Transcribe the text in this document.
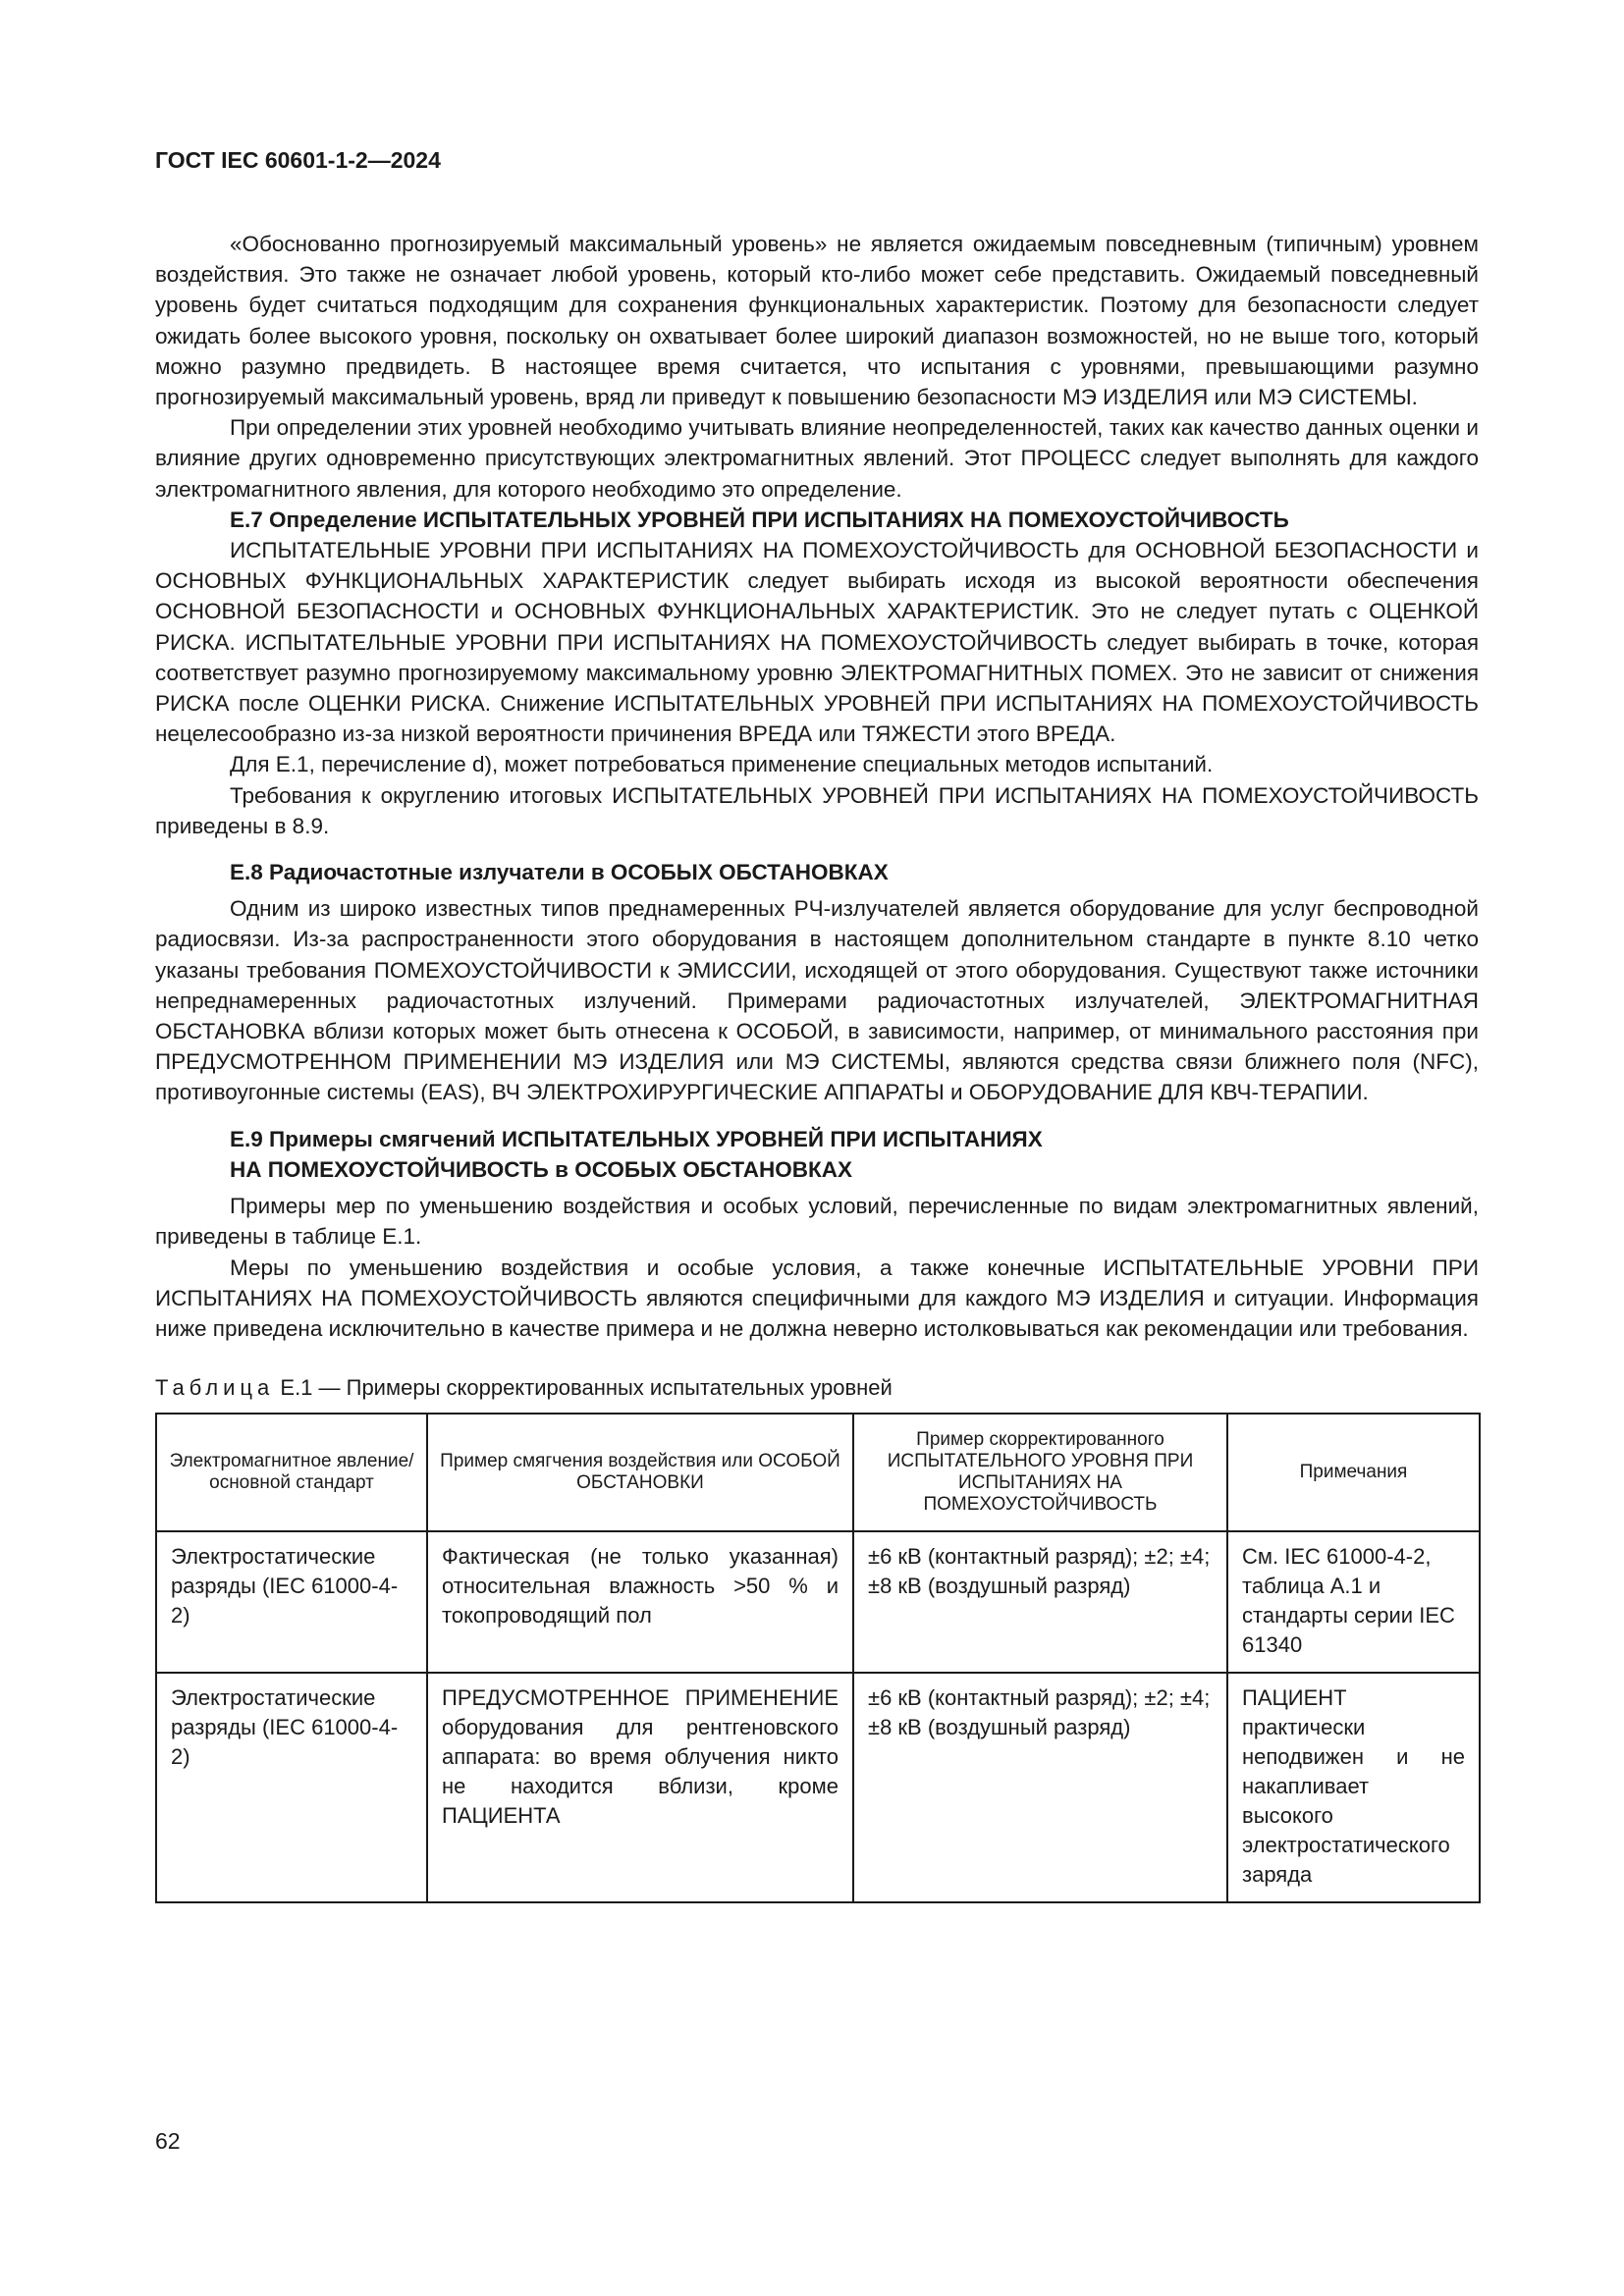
ГОСТ IEC 60601-1-2—2024

«Обоснованно прогнозируемый максимальный уровень» не является ожидаемым повседневным (типичным) уровнем воздействия. Это также не означает любой уровень, который кто-либо может себе представить. Ожидаемый повседневный уровень будет считаться подходящим для сохранения функциональных характеристик. Поэтому для безопасности следует ожидать более высокого уровня, поскольку он охватывает более широкий диапазон возможностей, но не выше того, который можно разумно предвидеть. В настоящее время считается, что испытания с уровнями, превышающими разумно прогнозируемый максимальный уровень, вряд ли приведут к повышению безопасности МЭ ИЗДЕЛИЯ или МЭ СИСТЕМЫ.

При определении этих уровней необходимо учитывать влияние неопределенностей, таких как качество данных оценки и влияние других одновременно присутствующих электромагнитных явлений. Этот ПРОЦЕСС следует выполнять для каждого электромагнитного явления, для которого необходимо это определение.

Е.7 Определение ИСПЫТАТЕЛЬНЫХ УРОВНЕЙ ПРИ ИСПЫТАНИЯХ НА ПОМЕХОУСТОЙЧИВОСТЬ

ИСПЫТАТЕЛЬНЫЕ УРОВНИ ПРИ ИСПЫТАНИЯХ НА ПОМЕХОУСТОЙЧИВОСТЬ для ОСНОВНОЙ БЕЗОПАСНОСТИ и ОСНОВНЫХ ФУНКЦИОНАЛЬНЫХ ХАРАКТЕРИСТИК следует выбирать исходя из высокой вероятности обеспечения ОСНОВНОЙ БЕЗОПАСНОСТИ и ОСНОВНЫХ ФУНКЦИОНАЛЬНЫХ ХАРАКТЕРИСТИК. Это не следует путать с ОЦЕНКОЙ РИСКА. ИСПЫТАТЕЛЬНЫЕ УРОВНИ ПРИ ИСПЫТАНИЯХ НА ПОМЕХОУСТОЙЧИВОСТЬ следует выбирать в точке, которая соответствует разумно прогнозируемому максимальному уровню ЭЛЕКТРОМАГНИТНЫХ ПОМЕХ. Это не зависит от снижения РИСКА после ОЦЕНКИ РИСКА. Снижение ИСПЫТАТЕЛЬНЫХ УРОВНЕЙ ПРИ ИСПЫТАНИЯХ НА ПОМЕХОУСТОЙЧИВОСТЬ нецелесообразно из-за низкой вероятности причинения ВРЕДА или ТЯЖЕСТИ этого ВРЕДА.

Для Е.1, перечисление d), может потребоваться применение специальных методов испытаний.

Требования к округлению итоговых ИСПЫТАТЕЛЬНЫХ УРОВНЕЙ ПРИ ИСПЫТАНИЯХ НА ПОМЕХОУСТОЙЧИВОСТЬ приведены в 8.9.

Е.8 Радиочастотные излучатели в ОСОБЫХ ОБСТАНОВКАХ

Одним из широко известных типов преднамеренных РЧ-излучателей является оборудование для услуг беспроводной радиосвязи. Из-за распространенности этого оборудования в настоящем дополнительном стандарте в пункте 8.10 четко указаны требования ПОМЕХОУСТОЙЧИВОСТИ к ЭМИССИИ, исходящей от этого оборудования. Существуют также источники непреднамеренных радиочастотных излучений. Примерами радиочастотных излучателей, ЭЛЕКТРОМАГНИТНАЯ ОБСТАНОВКА вблизи которых может быть отнесена к ОСОБОЙ, в зависимости, например, от минимального расстояния при ПРЕДУСМОТРЕННОМ ПРИМЕНЕНИИ МЭ ИЗДЕЛИЯ или МЭ СИСТЕМЫ, являются средства связи ближнего поля (NFC), противоугонные системы (EAS), ВЧ ЭЛЕКТРОХИРУРГИЧЕСКИЕ АППАРАТЫ и ОБОРУДОВАНИЕ ДЛЯ КВЧ-ТЕРАПИИ.

Е.9 Примеры смягчений ИСПЫТАТЕЛЬНЫХ УРОВНЕЙ ПРИ ИСПЫТАНИЯХ
НА ПОМЕХОУСТОЙЧИВОСТЬ в ОСОБЫХ ОБСТАНОВКАХ

Примеры мер по уменьшению воздействия и особых условий, перечисленные по видам электромагнитных явлений, приведены в таблице Е.1.

Меры по уменьшению воздействия и особые условия, а также конечные ИСПЫТАТЕЛЬНЫЕ УРОВНИ ПРИ ИСПЫТАНИЯХ НА ПОМЕХОУСТОЙЧИВОСТЬ являются специфичными для каждого МЭ ИЗДЕЛИЯ и ситуации. Информация ниже приведена исключительно в качестве примера и не должна неверно истолковываться как рекомендации или требования.

Таблица Е.1 — Примеры скорректированных испытательных уровней
Электромагнитное явление/основной стандарт	Пример смягчения воздействия или ОСОБОЙ ОБСТАНОВКИ	Пример скорректированного ИСПЫТАТЕЛЬНОГО УРОВНЯ ПРИ ИСПЫТАНИЯХ НА ПОМЕХОУСТОЙЧИВОСТЬ	Примечания
Электростатические разряды (IEC 61000-4-2)	Фактическая (не только указанная) относительная влажность >50 % и токопроводящий пол	±6 кВ (контактный разряд); ±2; ±4; ±8 кВ (воздушный разряд)	См. IEC 61000-4-2, таблица А.1 и стандарты серии IEC 61340
Электростатические разряды (IEC 61000-4-2)	ПРЕДУСМОТРЕННОЕ ПРИМЕНЕНИЕ оборудования для рентгеновского аппарата: во время облучения никто не находится вблизи, кроме ПАЦИЕНТА	±6 кВ (контактный разряд); ±2; ±4; ±8 кВ (воздушный разряд)	ПАЦИЕНТ практически неподвижен и не накапливает высокого электростатического заряда
62
